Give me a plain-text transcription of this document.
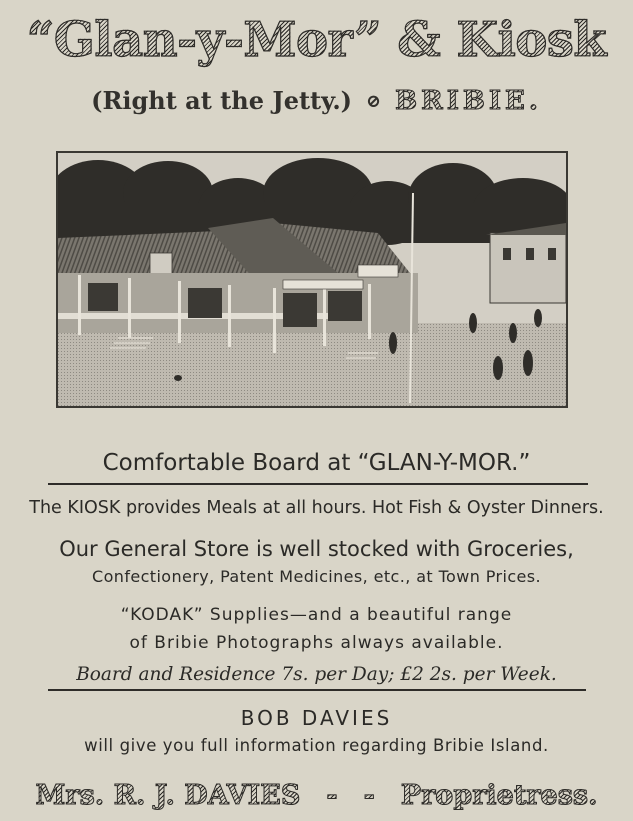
“Glan-y-Mor” & Kiosk
(Right at the Jetty.) ⊘ BRIBIE.
Comfortable Board at “GLAN-Y-MOR.”
The KIOSK provides Meals at all hours. Hot Fish & Oyster Dinners.
Our General Store is well stocked with Groceries,
Confectionery, Patent Medicines, etc., at Town Prices.
“KODAK” Supplies—and a beautiful range
of Bribie Photographs always available.
Board and Residence 7s. per Day; £2 2s. per Week.
BOB DAVIES
will give you full information regarding Bribie Island.
Mrs. R. J. DAVIES - - Proprietress.
